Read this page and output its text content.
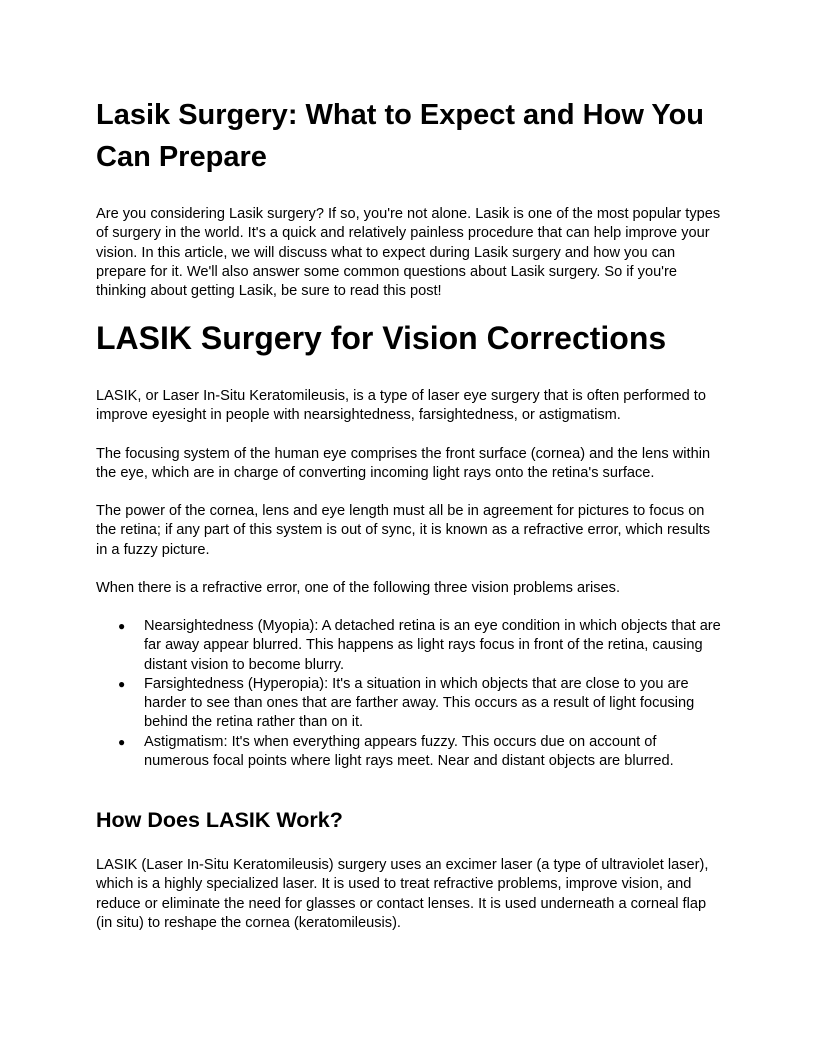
Lasik Surgery: What to Expect and How You Can Prepare

Are you considering Lasik surgery? If so, you're not alone. Lasik is one of the most popular types of surgery in the world. It's a quick and relatively painless procedure that can help improve your vision. In this article, we will discuss what to expect during Lasik surgery and how you can prepare for it. We'll also answer some common questions about Lasik surgery. So if you're thinking about getting Lasik, be sure to read this post!

LASIK Surgery for Vision Corrections

LASIK, or Laser In-Situ Keratomileusis, is a type of laser eye surgery that is often performed to improve eyesight in people with nearsightedness, farsightedness, or astigmatism.

The focusing system of the human eye comprises the front surface (cornea) and the lens within the eye, which are in charge of converting incoming light rays onto the retina's surface.

The power of the cornea, lens and eye length must all be in agreement for pictures to focus on the retina; if any part of this system is out of sync, it is known as a refractive error, which results in a fuzzy picture.

When there is a refractive error, one of the following three vision problems arises.

● Nearsightedness (Myopia): A detached retina is an eye condition in which objects that are far away appear blurred. This happens as light rays focus in front of the retina, causing distant vision to become blurry.
● Farsightedness (Hyperopia): It's a situation in which objects that are close to you are harder to see than ones that are farther away. This occurs as a result of light focusing behind the retina rather than on it.
● Astigmatism: It's when everything appears fuzzy. This occurs due on account of numerous focal points where light rays meet. Near and distant objects are blurred.
How Does LASIK Work?

LASIK (Laser In-Situ Keratomileusis) surgery uses an excimer laser (a type of ultraviolet laser), which is a highly specialized laser. It is used to treat refractive problems, improve vision, and reduce or eliminate the need for glasses or contact lenses. It is used underneath a corneal flap (in situ) to reshape the cornea (keratomileusis).
